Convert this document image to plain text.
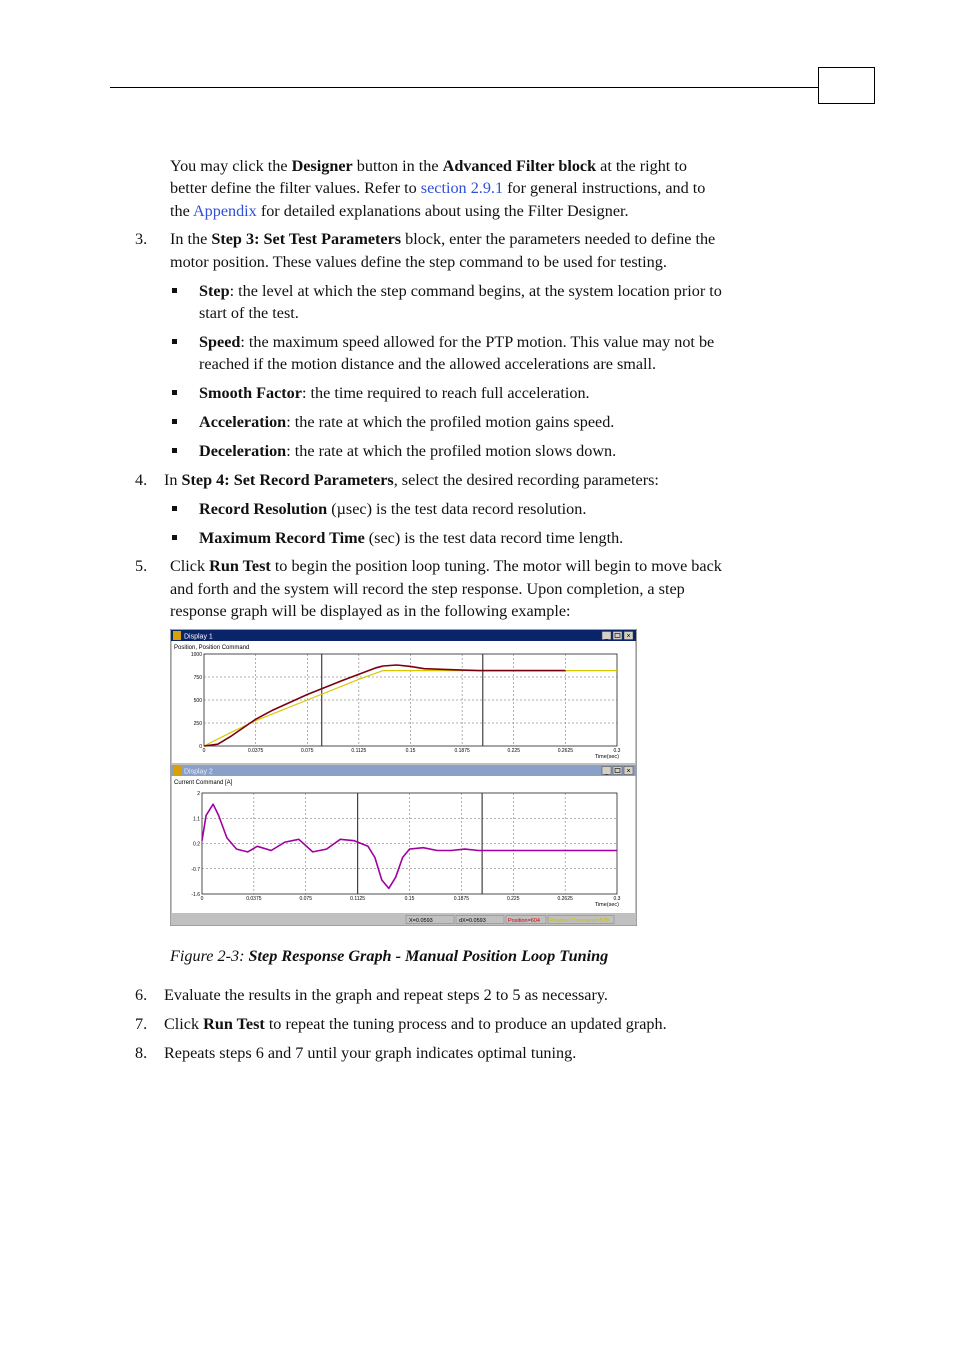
You may click the Designer button in the Advanced Filter block at the right to
better define the filter values. Refer to section 2.9.1 for general instructions, and to
the Appendix for detailed explanations about using the Filter Designer.
3. In the Step 3: Set Test Parameters block, enter the parameters needed to define the
motor position. These values define the step command to be used for testing.
Step: the level at which the step command begins, at the system location prior to
start of the test.
Speed: the maximum speed allowed for the PTP motion. This value may not be
reached if the motion distance and the allowed accelerations are small.
Smooth Factor: the time required to reach full acceleration.
Acceleration: the rate at which the profiled motion gains speed.
Deceleration: the rate at which the profiled motion slows down.
4. In Step 4: Set Record Parameters, select the desired recording parameters:
Record Resolution (µsec) is the test data record resolution.
Maximum Record Time (sec) is the test data record time length.
5. Click Run Test to begin the position loop tuning. The motor will begin to move back
and forth and the system will record the step response. Upon completion, a step
response graph will be displayed as in the following example:
Display 1	_	×
Position, Position Command
0	0.0375	0.075	0.1125	0.15	0.1875	0.225	0.2625	0.3
1000
750
500
250
0
Time(sec)
Display 2	_	×
Current Command [A]
0	0.0375	0.075	0.1125	0.15	0.1875	0.225	0.2625	0.3
2
1.1
0.2
-0.7
-1.6
Time(sec)
X=0.0593	dX=0.0593	Position=604 Position Command=578
Figure 2-3: Step Response Graph - Manual Position Loop Tuning
6. Evaluate the results in the graph and repeat steps 2 to 5 as necessary.
7. Click Run Test to repeat the tuning process and to produce an updated graph.
8. Repeats steps 6 and 7 until your graph indicates optimal tuning.
